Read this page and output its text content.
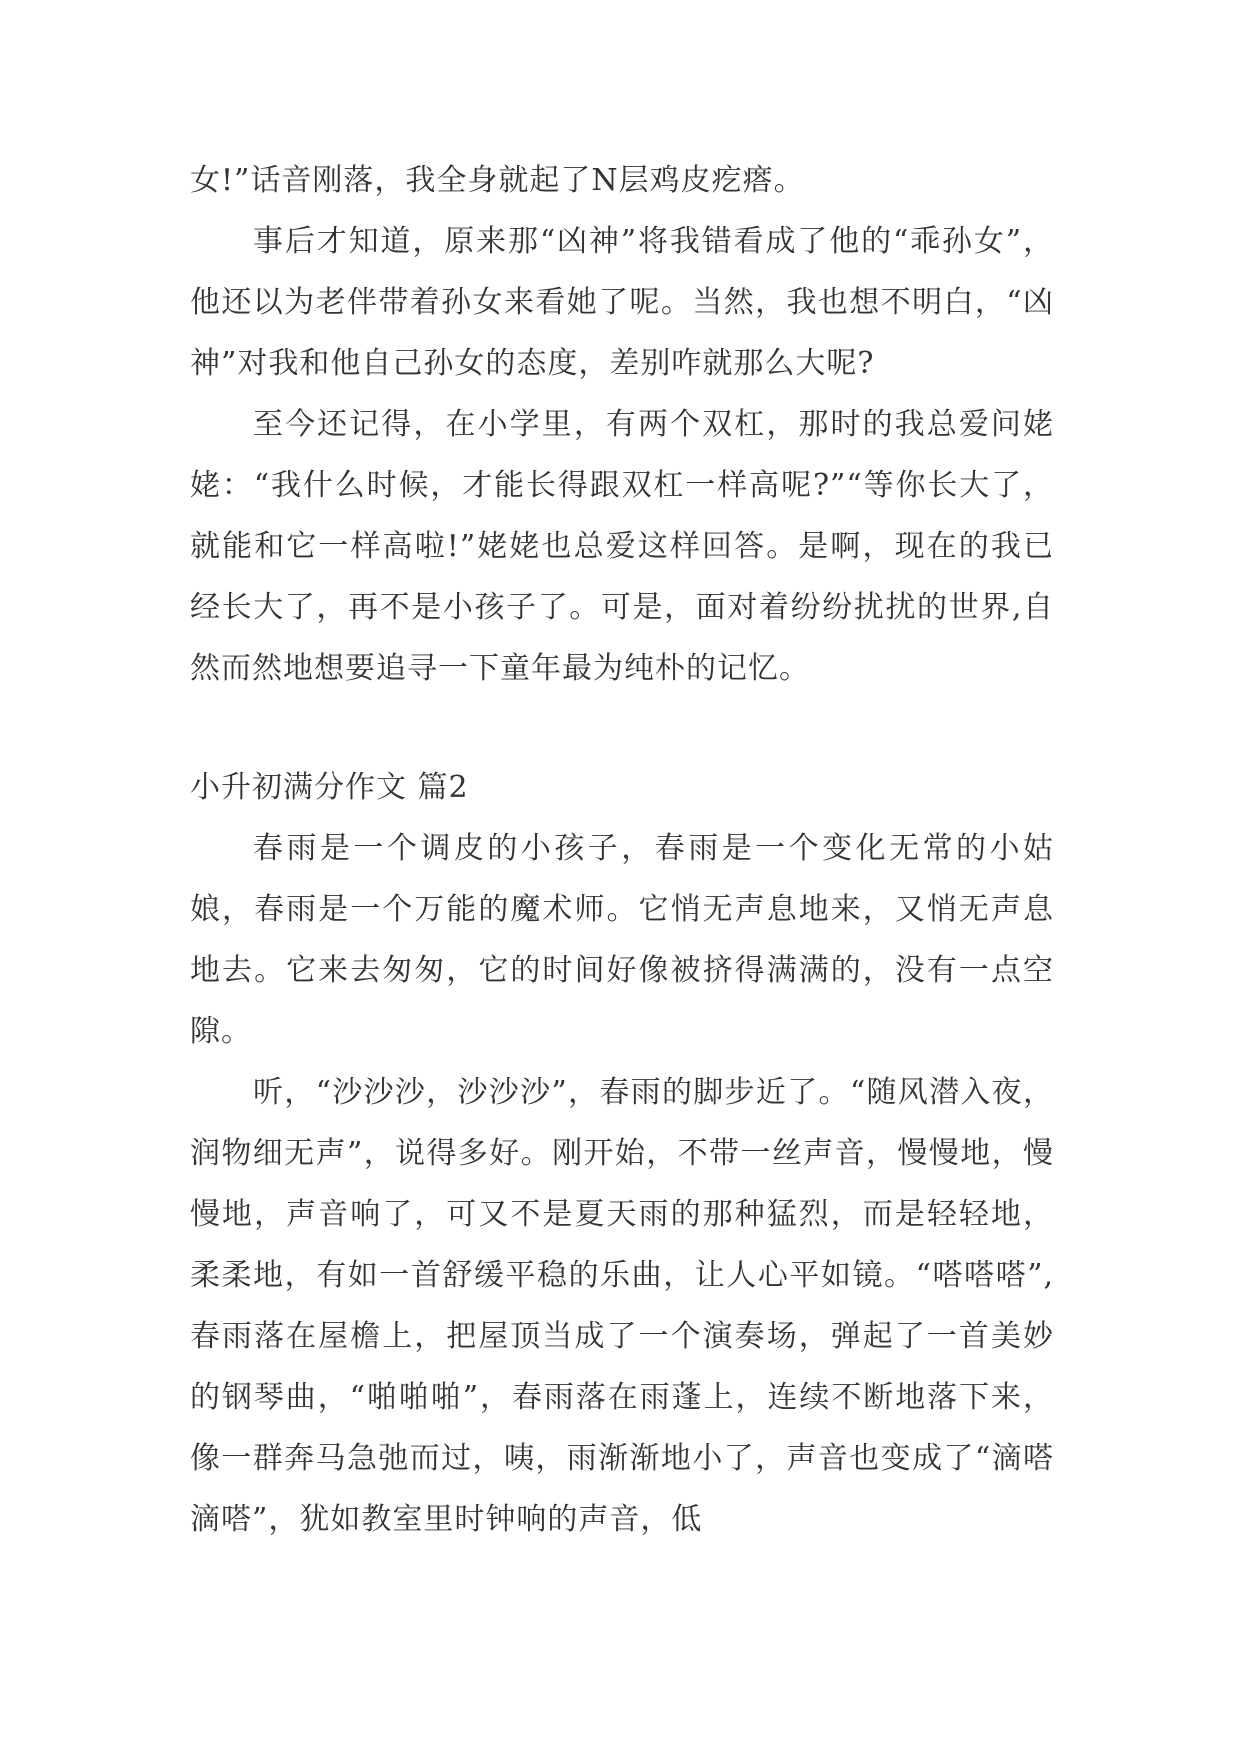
女!”话音刚落，我全身就起了N层鸡皮疙瘩。

事后才知道，原来那“凶神”将我错看成了他的“乖孙女”，他还以为老伴带着孙女来看她了呢。当然，我也想不明白，“凶神”对我和他自己孙女的态度，差别咋就那么大呢?

至今还记得，在小学里，有两个双杠，那时的我总爱问姥姥：“我什么时候，才能长得跟双杠一样高呢?”“等你长大了，就能和它一样高啦!”姥姥也总爱这样回答。是啊，现在的我已经长大了，再不是小孩子了。可是，面对着纷纷扰扰的世界,自然而然地想要追寻一下童年最为纯朴的记忆。

小升初满分作文 篇2

春雨是一个调皮的小孩子，春雨是一个变化无常的小姑娘，春雨是一个万能的魔术师。它悄无声息地来，又悄无声息地去。它来去匆匆，它的时间好像被挤得满满的，没有一点空隙。

听，“沙沙沙，沙沙沙”，春雨的脚步近了。“随风潜入夜，润物细无声”，说得多好。刚开始，不带一丝声音，慢慢地，慢慢地，声音响了，可又不是夏天雨的那种猛烈，而是轻轻地，柔柔地，有如一首舒缓平稳的乐曲，让人心平如镜。“嗒嗒嗒”,春雨落在屋檐上，把屋顶当成了一个演奏场，弹起了一首美妙的钢琴曲，“啪啪啪”，春雨落在雨蓬上，连续不断地落下来，像一群奔马急弛而过，咦，雨渐渐地小了，声音也变成了“滴嗒滴嗒”，犹如教室里时钟响的声音，低
